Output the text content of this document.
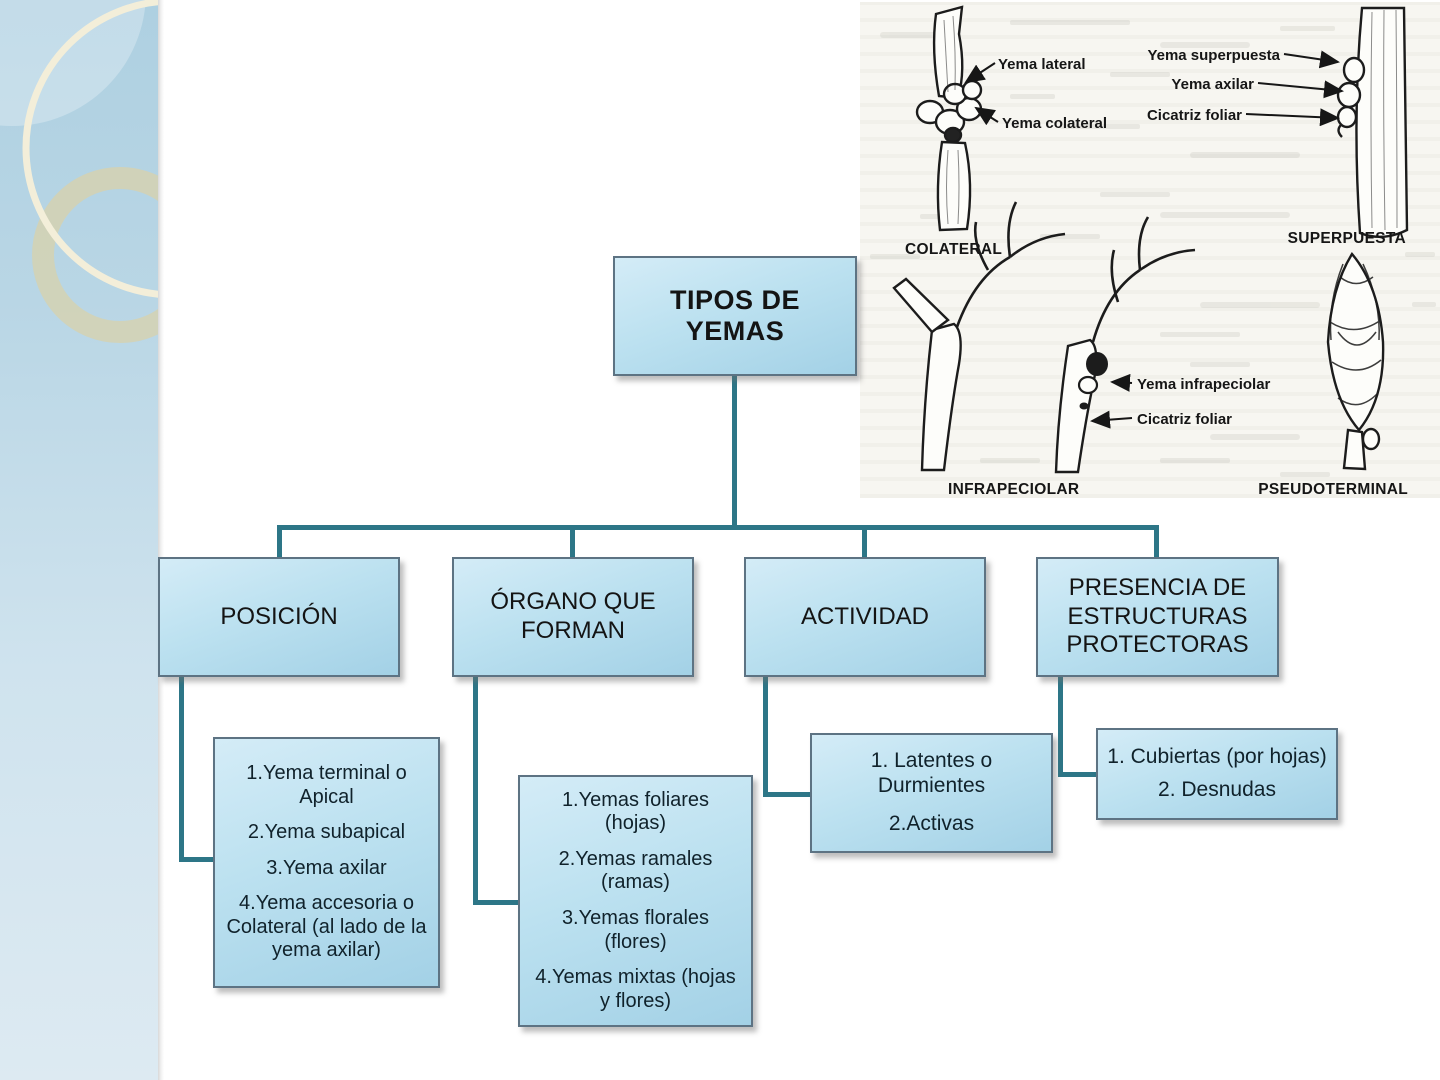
Yema lateral
Yema colateral
COLATERAL
Yema superpuesta
Yema axilar
Cicatriz foliar
SUPERPUESTA
Yema infrapeciolar
Cicatriz foliar
INFRAPECIOLAR	PSEUDOTERMINAL
TIPOS DE YEMAS
POSICIÓN
ÓRGANO QUE FORMAN
ACTIVIDAD
PRESENCIA DE ESTRUCTURAS PROTECTORAS
1.Yema terminal o Apical
2.Yema subapical
3.Yema axilar
4.Yema accesoria o Colateral (al lado de la yema axilar)
1.Yemas foliares (hojas)
2.Yemas ramales (ramas)
3.Yemas florales (flores)
4.Yemas mixtas (hojas y flores)
1. Latentes o Durmientes
2.Activas
1. Cubiertas (por hojas)
2. Desnudas
